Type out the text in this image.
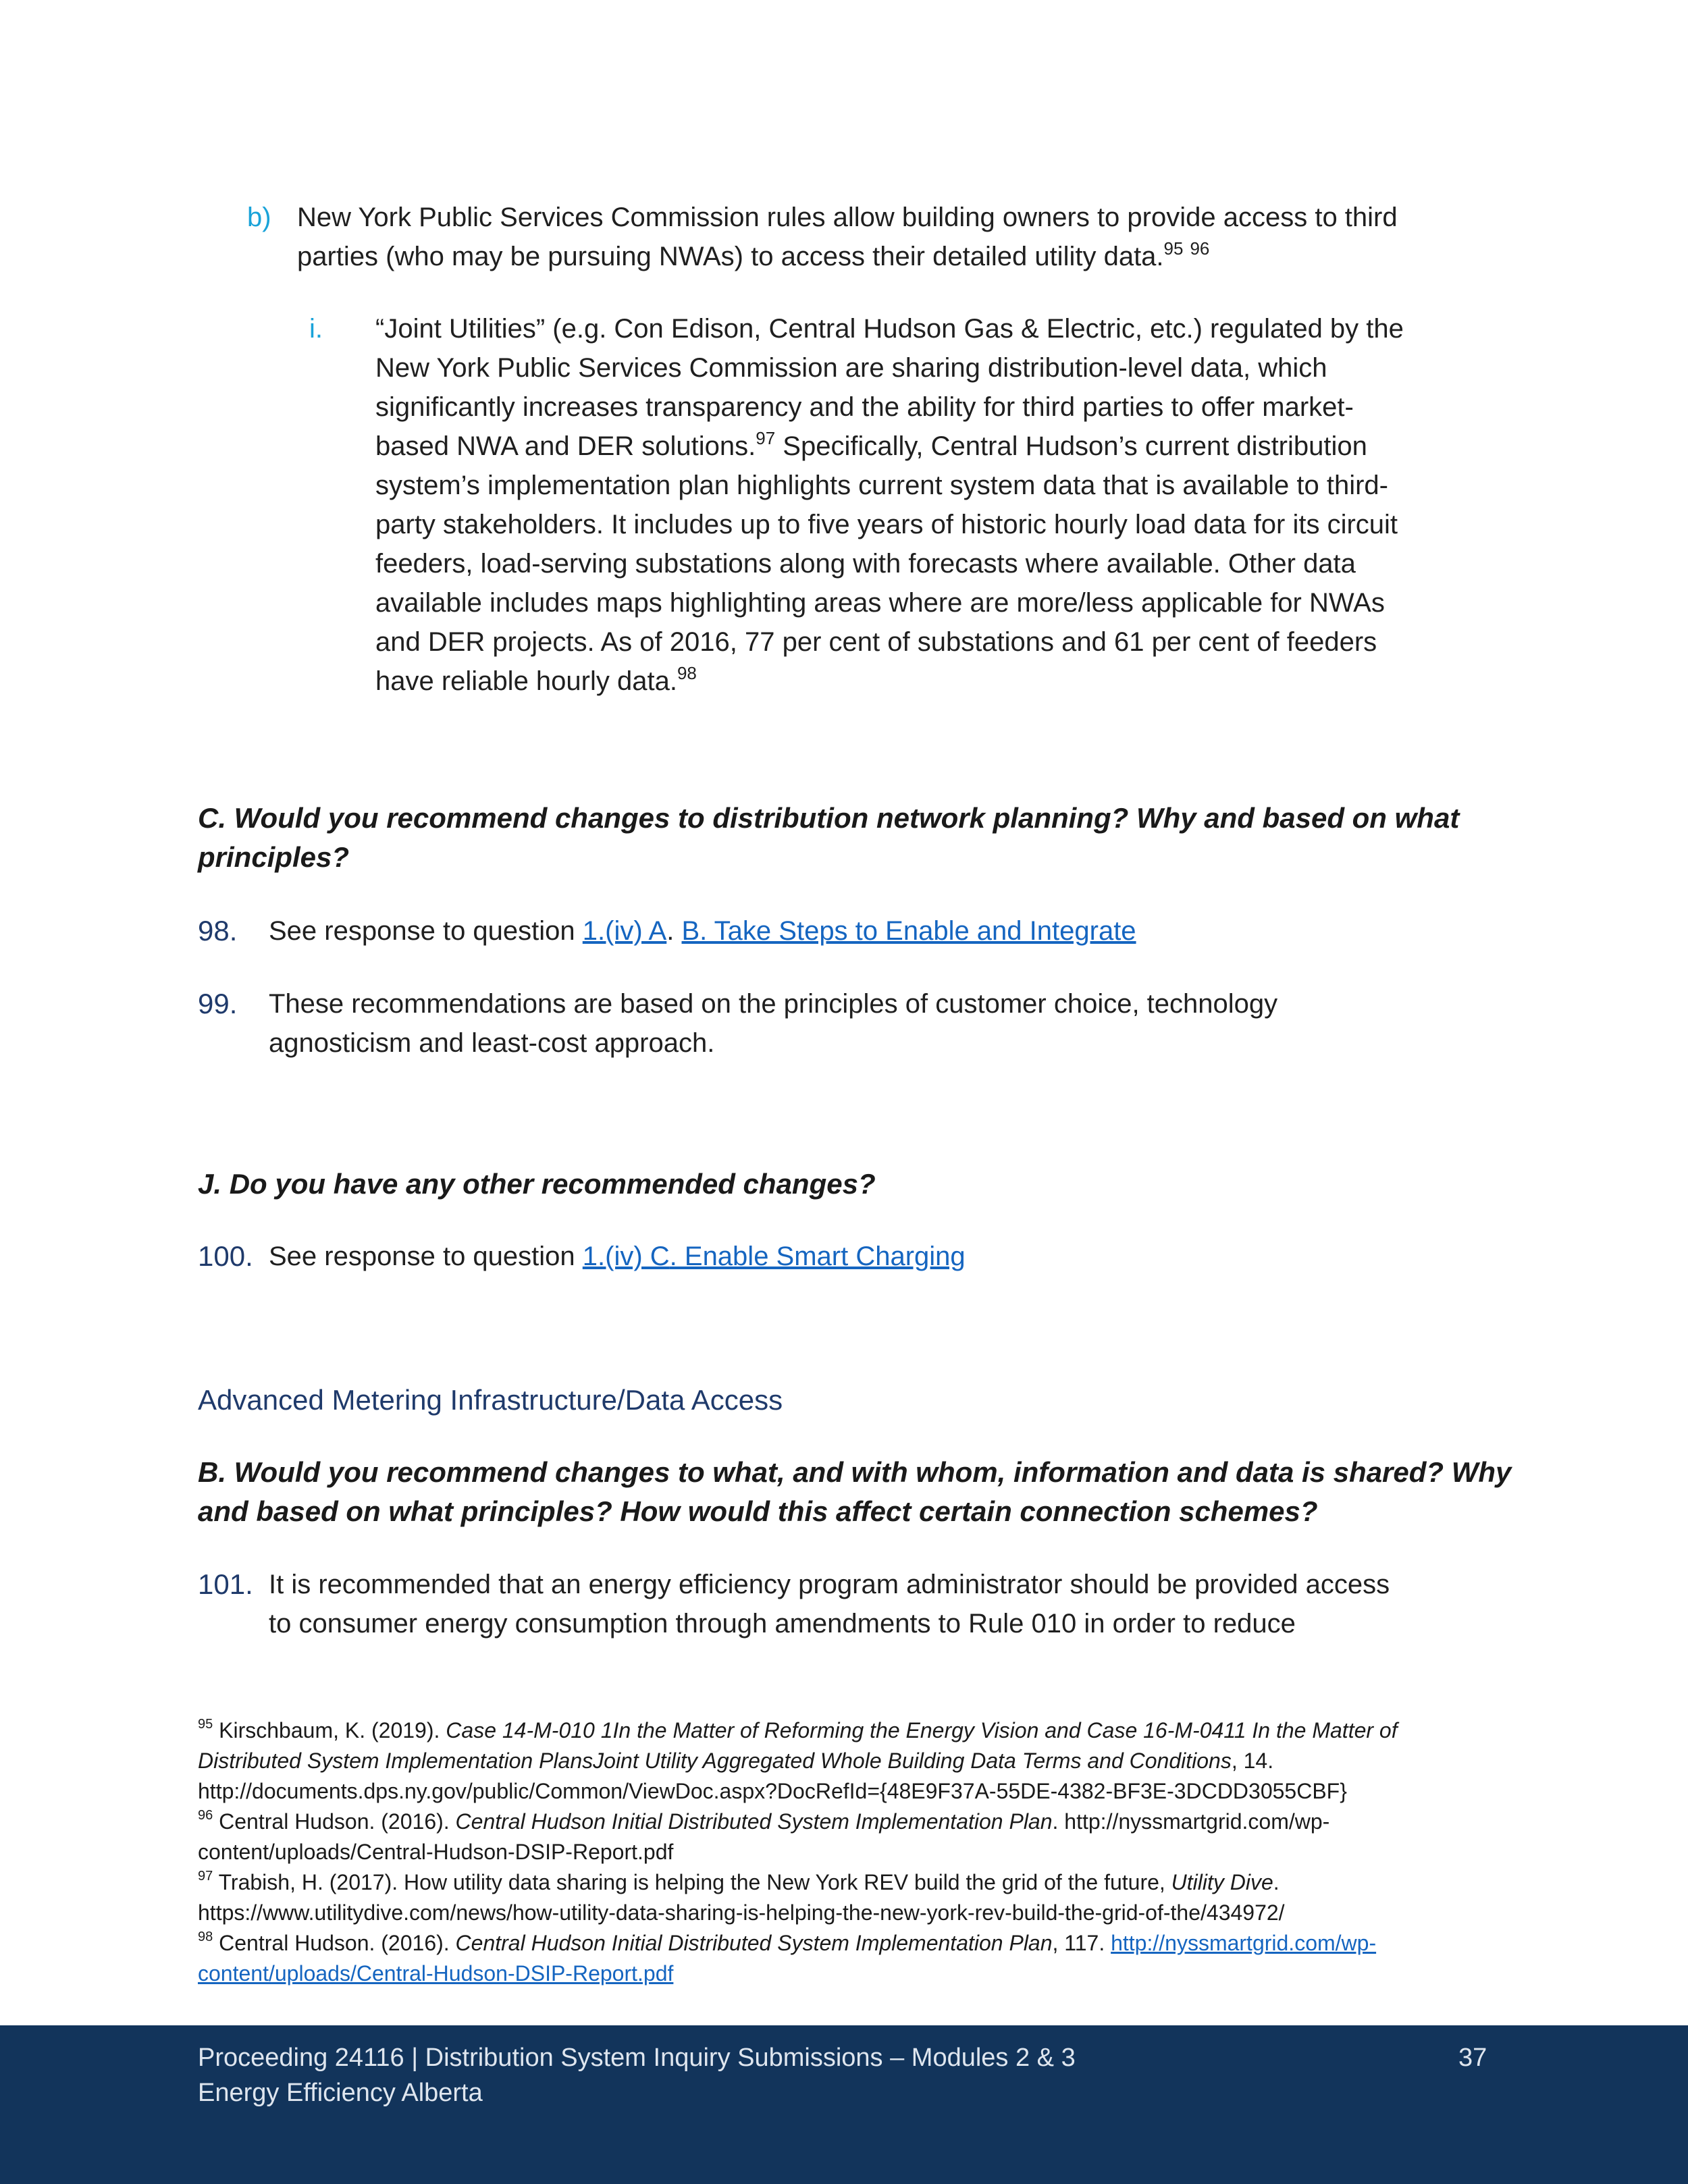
b) New York Public Services Commission rules allow building owners to provide access to third
parties (who may be pursuing NWAs) to access their detailed utility data.$^{95}$ $^{96}$
i. “Joint Utilities” (e.g. Con Edison, Central Hudson Gas & Electric, etc.) regulated by the
New York Public Services Commission are sharing distribution-level data, which
significantly increases transparency and the ability for third parties to offer market-
based NWA and DER solutions.$^{97}$ Specifically, Central Hudson’s current distribution
system’s implementation plan highlights current system data that is available to third-
party stakeholders. It includes up to five years of historic hourly load data for its circuit
feeders, load-serving substations along with forecasts where available. Other data
available includes maps highlighting areas where are more/less applicable for NWAs
and DER projects. As of 2016, 77 per cent of substations and 61 per cent of feeders
have reliable hourly data.$^{98}$
C. Would you recommend changes to distribution network planning? Why and based on what
principles?
98. See response to question 1.(iv) A. B. Take Steps to Enable and Integrate
99. These recommendations are based on the principles of customer choice, technology
agnosticism and least-cost approach.
J. Do you have any other recommended changes?
100. See response to question 1.(iv) C. Enable Smart Charging
Advanced Metering Infrastructure/Data Access
B. Would you recommend changes to what, and with whom, information and data is shared? Why
and based on what principles? How would this affect certain connection schemes?
101. It is recommended that an energy efficiency program administrator should be provided access
to consumer energy consumption through amendments to Rule 010 in order to reduce
$^{95}$ Kirschbaum, K. (2019). Case 14-M-010 1In the Matter of Reforming the Energy Vision and Case 16-M-0411 In the Matter of
Distributed System Implementation PlansJoint Utility Aggregated Whole Building Data Terms and Conditions, 14.
http://documents.dps.ny.gov/public/Common/ViewDoc.aspx?DocRefId={48E9F37A-55DE-4382-BF3E-3DCDD3055CBF}
$^{96}$ Central Hudson. (2016). Central Hudson Initial Distributed System Implementation Plan. http://nyssmartgrid.com/wp-
content/uploads/Central-Hudson-DSIP-Report.pdf
$^{97}$ Trabish, H. (2017). How utility data sharing is helping the New York REV build the grid of the future, Utility Dive.
https://www.utilitydive.com/news/how-utility-data-sharing-is-helping-the-new-york-rev-build-the-grid-of-the/434972/
$^{98}$ Central Hudson. (2016). Central Hudson Initial Distributed System Implementation Plan, 117. http://nyssmartgrid.com/wp-
content/uploads/Central-Hudson-DSIP-Report.pdf
Proceeding 24116 | Distribution System Inquiry Submissions – Modules 2 & 3
Energy Efficiency Alberta
37
